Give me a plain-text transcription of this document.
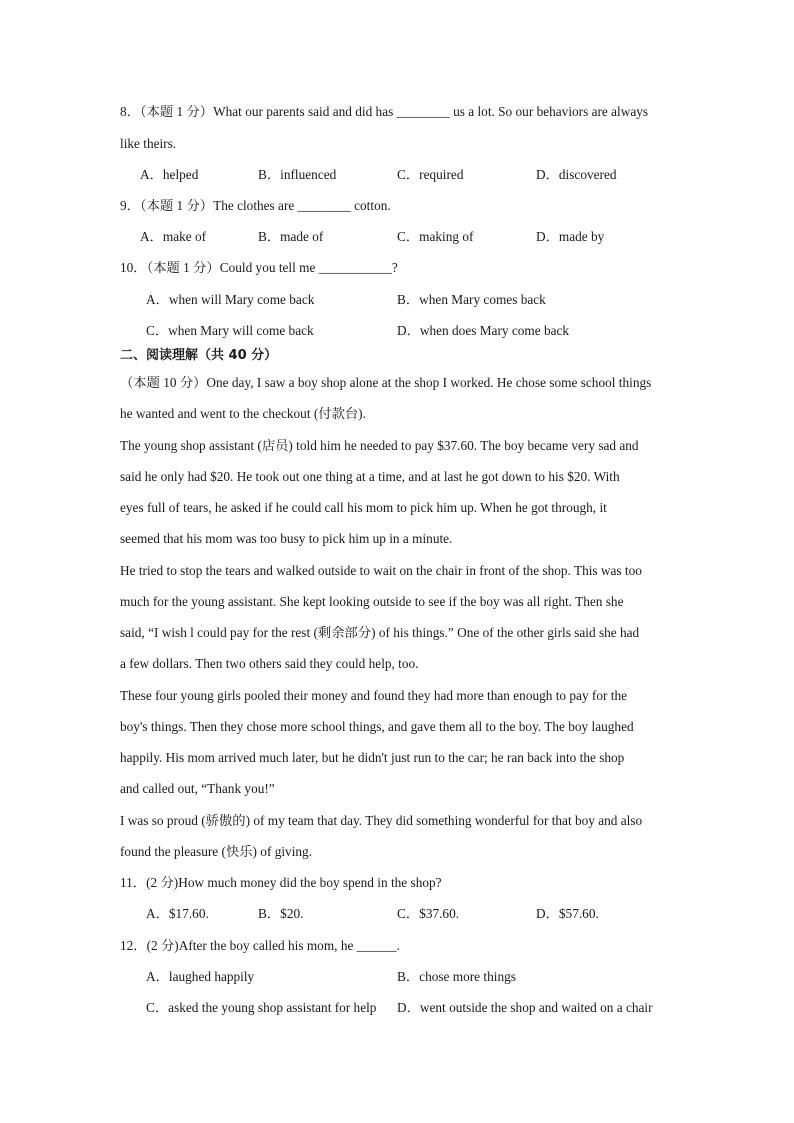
8．（本题 1 分）What our parents said and did has ________ us a lot. So our behaviors are always
like theirs.
A．helped	B．influenced	C．required	D．discovered
9．（本题 1 分）The clothes are ________ cotton.
A．make of	B．made of	C．making of	D．made by
10．（本题 1 分）Could you tell me ___________?
A．when will Mary come back	B．when Mary comes back
C．when Mary will come back	D．when does Mary come back
二、阅读理解（共 40 分）
（本题 10 分）One day, I saw a boy shop alone at the shop I worked. He chose some school things
he wanted and went to the checkout (付款台).
The young shop assistant (店员) told him he needed to pay $37.60. The boy became very sad and
said he only had $20. He took out one thing at a time, and at last he got down to his $20. With
eyes full of tears, he asked if he could call his mom to pick him up. When he got through, it
seemed that his mom was too busy to pick him up in a minute.
He tried to stop the tears and walked outside to wait on the chair in front of the shop. This was too
much for the young assistant. She kept looking outside to see if the boy was all right. Then she
said, “I wish l could pay for the rest (剩余部分) of his things.” One of the other girls said she had
a few dollars. Then two others said they could help, too.
These four young girls pooled their money and found they had more than enough to pay for the
boy's things. Then they chose more school things, and gave them all to the boy. The boy laughed
happily. His mom arrived much later, but he didn't just run to the car; he ran back into the shop
and called out, “Thank you!”
I was so proud (骄傲的) of my team that day. They did something wonderful for that boy and also
found the pleasure (快乐) of giving.
11．(2 分)How much money did the boy spend in the shop?
A．$17.60.	B．$20.	C．$37.60.	D．$57.60.
12．(2 分)After the boy called his mom, he ______.
A．laughed happily	B．chose more things
C．asked the young shop assistant for help D．went outside the shop and waited on a chair
